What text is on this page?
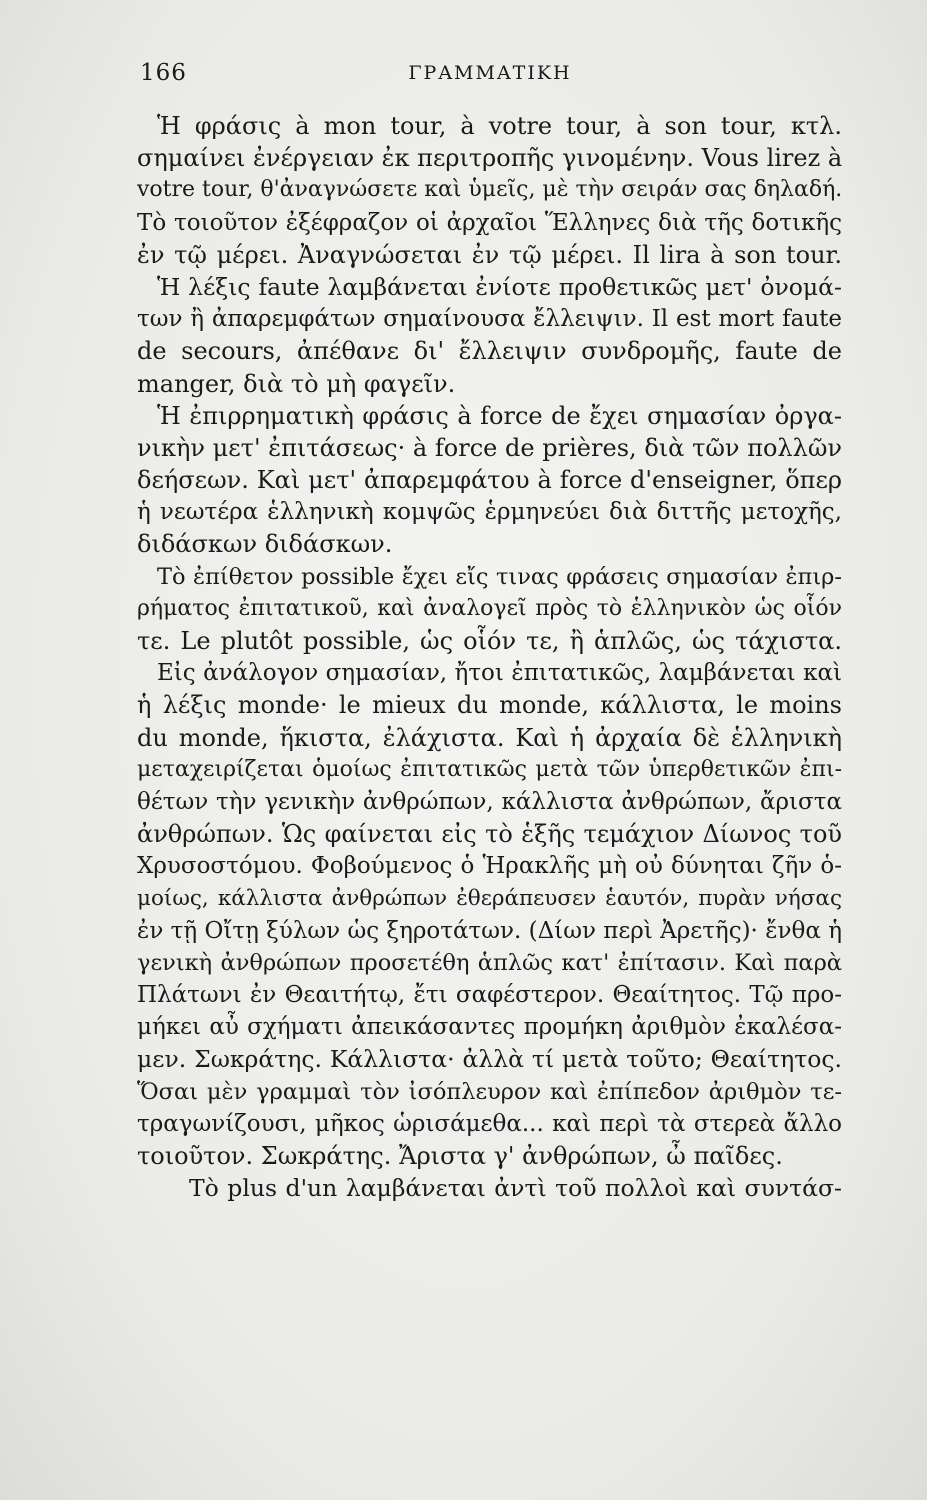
166	ΓΡΑΜΜΑΤΙΚΗ
Ἡ φράσις à mon tour, à votre tour, à son tour, κτλ.
σημαίνει ἐνέργειαν ἐκ περιτροπῆς γινομένην. Vous lirez à
votre tour, θ'ἀναγνώσετε καὶ ὑμεῖς, μὲ τὴν σειράν σας δηλαδή.
Τὸ τοιοῦτον ἐξέφραζον οἱ ἀρχαῖοι Ἕλληνες διὰ τῆς δοτικῆς
ἐν τῷ μέρει. Ἀναγνώσεται ἐν τῷ μέρει. Il lira à son tour.
Ἡ λέξις faute λαμβάνεται ἐνίοτε προθετικῶς μετ' ὀνομά-
των ἢ ἀπαρεμφάτων σημαίνουσα ἔλλειψιν. Il est mort faute
de secours, ἀπέθανε δι' ἔλλειψιν συνδρομῆς, faute de
manger, διὰ τὸ μὴ φαγεῖν.
Ἡ ἐπιρρηματικὴ φράσις à force de ἔχει σημασίαν ὀργα-
νικὴν μετ' ἐπιτάσεως· à force de prières, διὰ τῶν πολλῶν
δεήσεων. Καὶ μετ' ἀπαρεμφάτου à force d'enseigner, ὅπερ
ἡ νεωτέρα ἑλληνικὴ κομψῶς ἑρμηνεύει διὰ διττῆς μετοχῆς,
διδάσκων διδάσκων.
Τὸ ἐπίθετον possible ἔχει εἴς τινας φράσεις σημασίαν ἐπιρ-
ρήματος ἐπιτατικοῦ, καὶ ἀναλογεῖ πρὸς τὸ ἑλληνικὸν ὡς οἷόν
τε. Le plutôt possible, ὡς οἷόν τε, ἢ ἁπλῶς, ὡς τάχιστα.
Εἰς ἀνάλογον σημασίαν, ἤτοι ἐπιτατικῶς, λαμβάνεται καὶ
ἡ λέξις monde· le mieux du monde, κάλλιστα, le moins
du monde, ἥκιστα, ἐλάχιστα. Καὶ ἡ ἀρχαία δὲ ἑλληνικὴ
μεταχειρίζεται ὁμοίως ἐπιτατικῶς μετὰ τῶν ὑπερθετικῶν ἐπι-
θέτων τὴν γενικὴν ἀνθρώπων, κάλλιστα ἀνθρώπων, ἄριστα
ἀνθρώπων. Ὡς φαίνεται εἰς τὸ ἑξῆς τεμάχιον Δίωνος τοῦ
Χρυσοστόμου. Φοβούμενος ὁ Ἡρακλῆς μὴ οὐ δύνηται ζῆν ὁ-
μοίως, κάλλιστα ἀνθρώπων ἐθεράπευσεν ἑαυτόν, πυρὰν νήσας
ἐν τῇ Οἴτῃ ξύλων ὡς ξηροτάτων. (Δίων περὶ Ἀρετῆς)· ἔνθα ἡ
γενικὴ ἀνθρώπων προσετέθη ἁπλῶς κατ' ἐπίτασιν. Καὶ παρὰ
Πλάτωνι ἐν Θεαιτήτῳ, ἔτι σαφέστερον. Θεαίτητος. Τῷ προ-
μήκει αὖ σχήματι ἀπεικάσαντες προμήκη ἀριθμὸν ἐκαλέσα-
μεν. Σωκράτης. Κάλλιστα· ἀλλὰ τί μετὰ τοῦτο; Θεαίτητος.
Ὅσαι μὲν γραμμαὶ τὸν ἰσόπλευρον καὶ ἐπίπεδον ἀριθμὸν τε-
τραγωνίζουσι, μῆκος ὡρισάμεθα... καὶ περὶ τὰ στερεὰ ἄλλο
τοιοῦτον. Σωκράτης. Ἄριστα γ' ἀνθρώπων, ὦ παῖδες.
Τὸ plus d'un λαμβάνεται ἀντὶ τοῦ πολλοὶ καὶ συντάσ-
